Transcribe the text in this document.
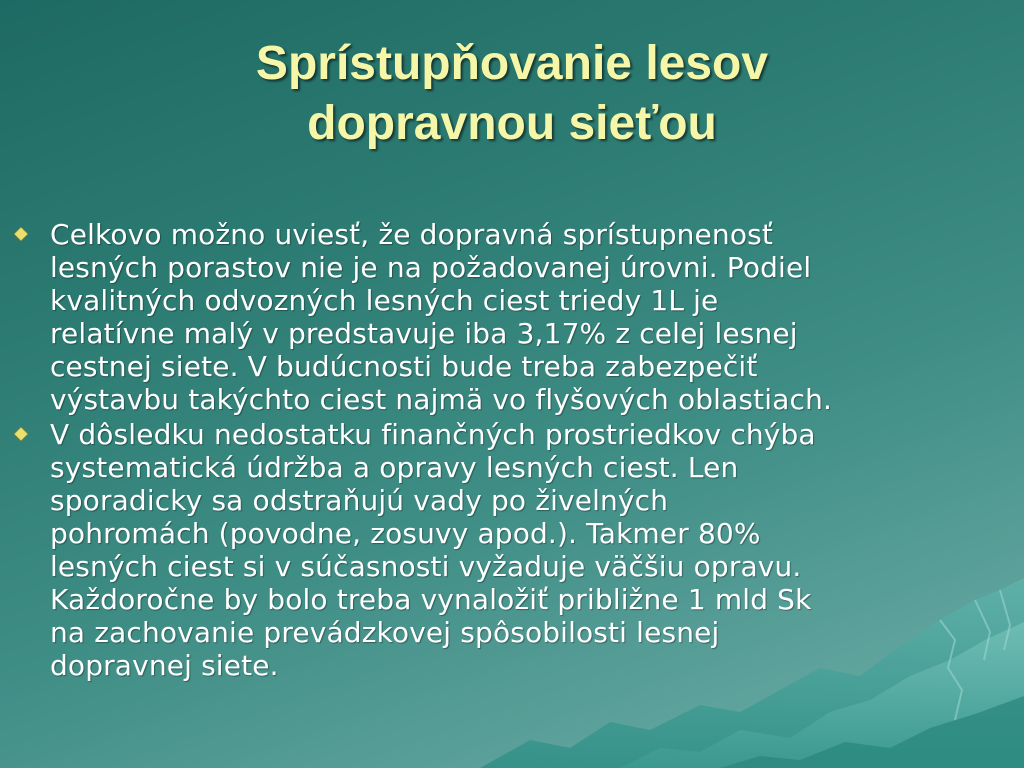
Sprístupňovanie lesov
dopravnou sieťou
Celkovo možno uviesť, že dopravná sprístupnenosť
lesných porastov nie je na požadovanej úrovni. Podiel
kvalitných odvozných lesných ciest triedy 1L je
relatívne malý v predstavuje iba 3,17% z celej lesnej
cestnej siete. V budúcnosti bude treba zabezpečiť
výstavbu takýchto ciest najmä vo flyšových oblastiach.
V dôsledku nedostatku finančných prostriedkov chýba
systematická údržba a opravy lesných ciest. Len
sporadicky sa odstraňujú vady po živelných
pohromách (povodne, zosuvy apod.). Takmer 80%
lesných ciest si v súčasnosti vyžaduje väčšiu opravu.
Každoročne by bolo treba vynaložiť približne 1 mld Sk
na zachovanie prevádzkovej spôsobilosti lesnej
dopravnej siete.
